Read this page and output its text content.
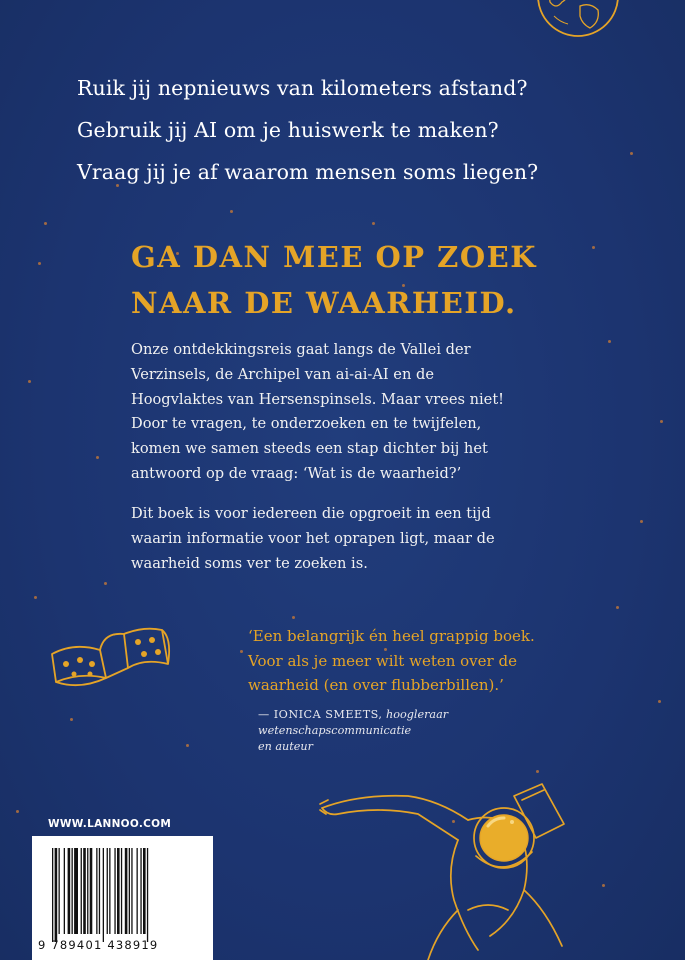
Ruik jij nepnieuws van kilometers afstand?
Gebruik jij AI om je huiswerk te maken?
Vraag jij je af waarom mensen soms liegen?
GA DAN MEE OP ZOEK
NAAR DE WAARHEID.
Onze ontdekkingsreis gaat langs de Vallei der
Verzinsels, de Archipel van ai-ai-AI en de
Hoogvlaktes van Hersenspinsels. Maar vrees niet!
Door te vragen, te onderzoeken en te twijfelen,
komen we samen steeds een stap dichter bij het
antwoord op de vraag: ‘Wat is de waarheid?’
Dit boek is voor iedereen die opgroeit in een tijd
waarin informatie voor het oprapen ligt, maar de
waarheid soms ver te zoeken is.
‘Een belangrijk én heel grappig boek.
Voor als je meer wilt weten over de
waarheid (en over flubberbillen).’
— IONICA SMEETS, hoogleraar
wetenschapscommunicatie
en auteur
WWW.LANNOO.COM
9 789401 438919
